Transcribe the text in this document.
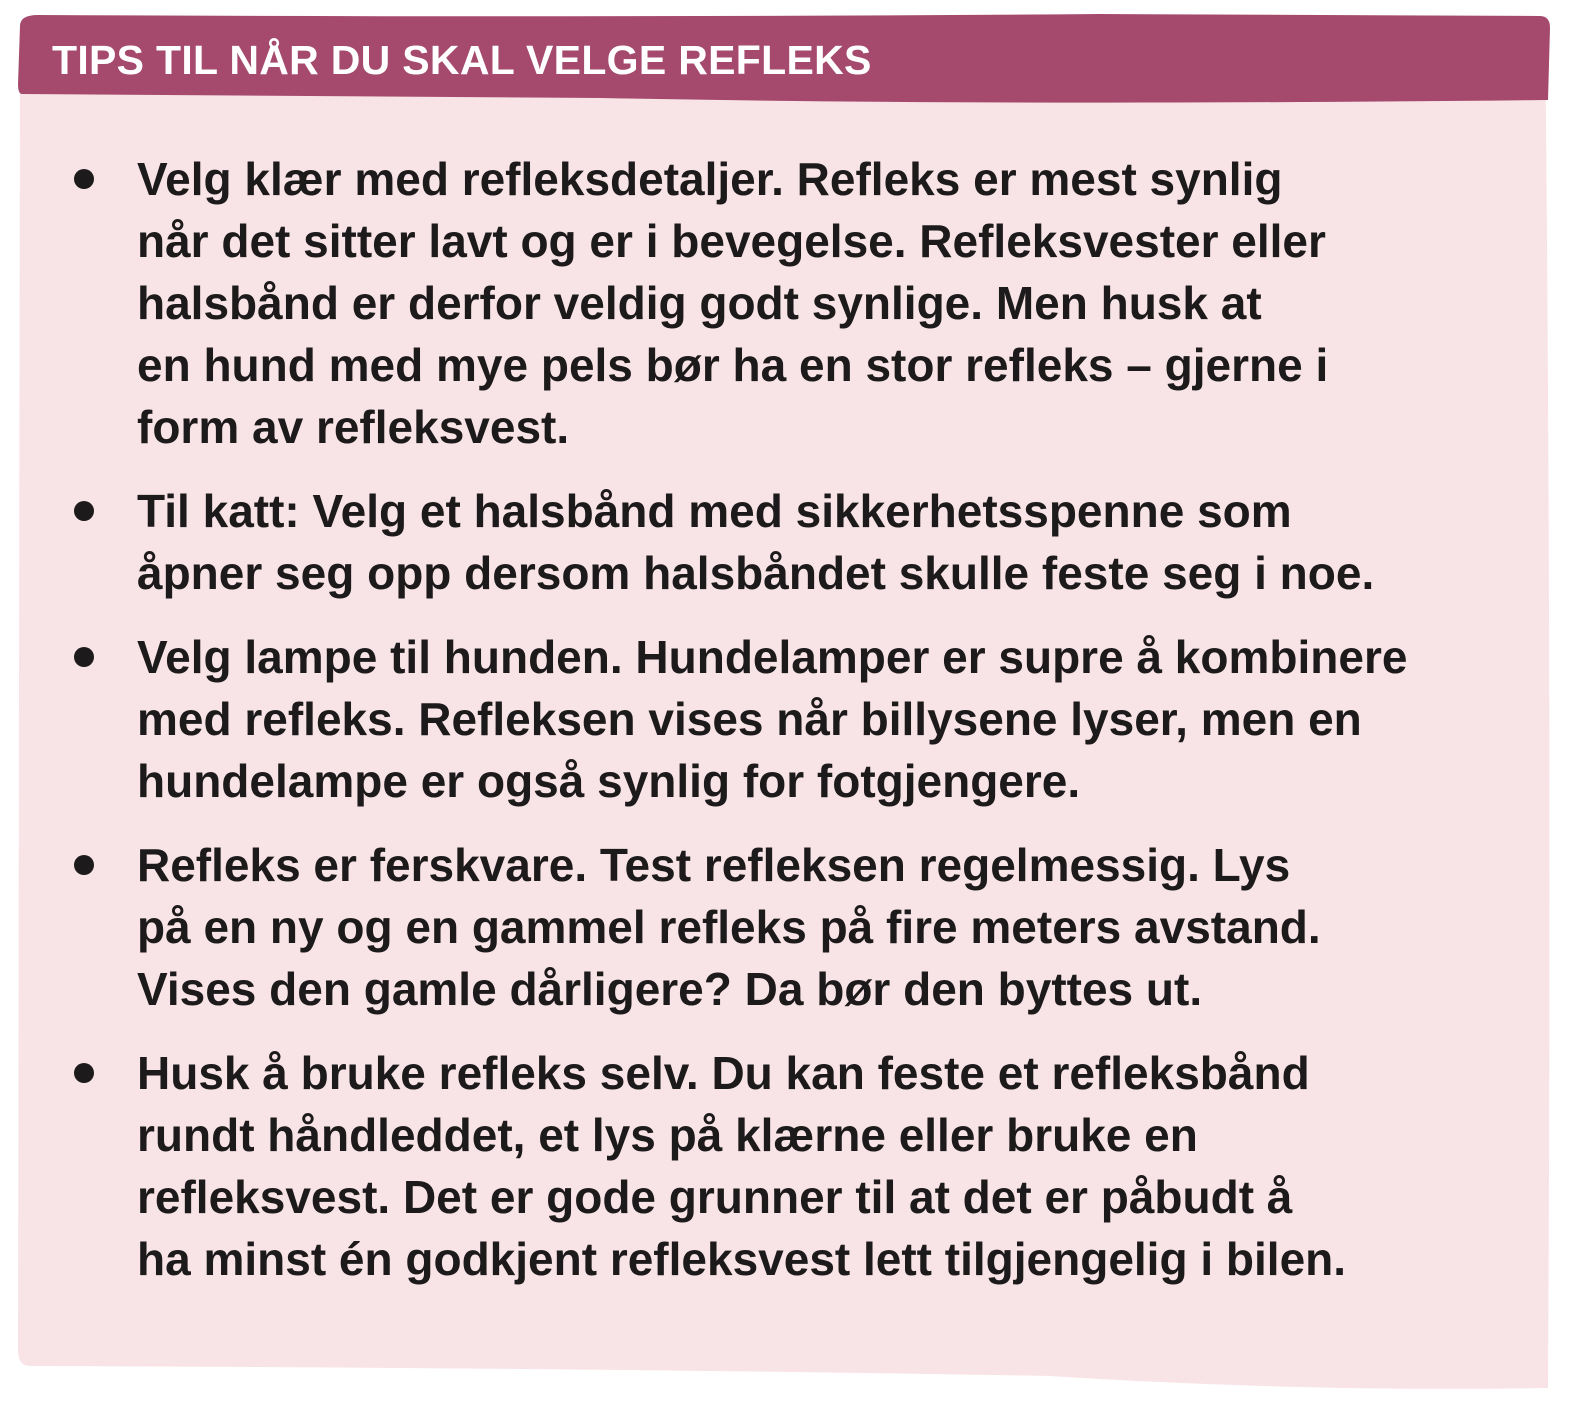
TIPS TIL NÅR DU SKAL VELGE REFLEKS
Velg klær med refleksdetaljer. Refleks er mest synlig
når det sitter lavt og er i bevegelse. Refleksvester eller
halsbånd er derfor veldig godt synlige. Men husk at
en hund med mye pels bør ha en stor refleks – gjerne i
form av refleksvest.
Til katt: Velg et halsbånd med sikkerhetsspenne som
åpner seg opp dersom halsbåndet skulle feste seg i noe.
Velg lampe til hunden. Hundelamper er supre å kombinere
med refleks. Refleksen vises når billysene lyser, men en
hundelampe er også synlig for fotgjengere.
Refleks er ferskvare. Test refleksen regelmessig. Lys
på en ny og en gammel refleks på fire meters avstand.
Vises den gamle dårligere? Da bør den byttes ut.
Husk å bruke refleks selv. Du kan feste et refleksbånd
rundt håndleddet, et lys på klærne eller bruke en
refleksvest. Det er gode grunner til at det er påbudt å
ha minst én godkjent refleksvest lett tilgjengelig i bilen.
